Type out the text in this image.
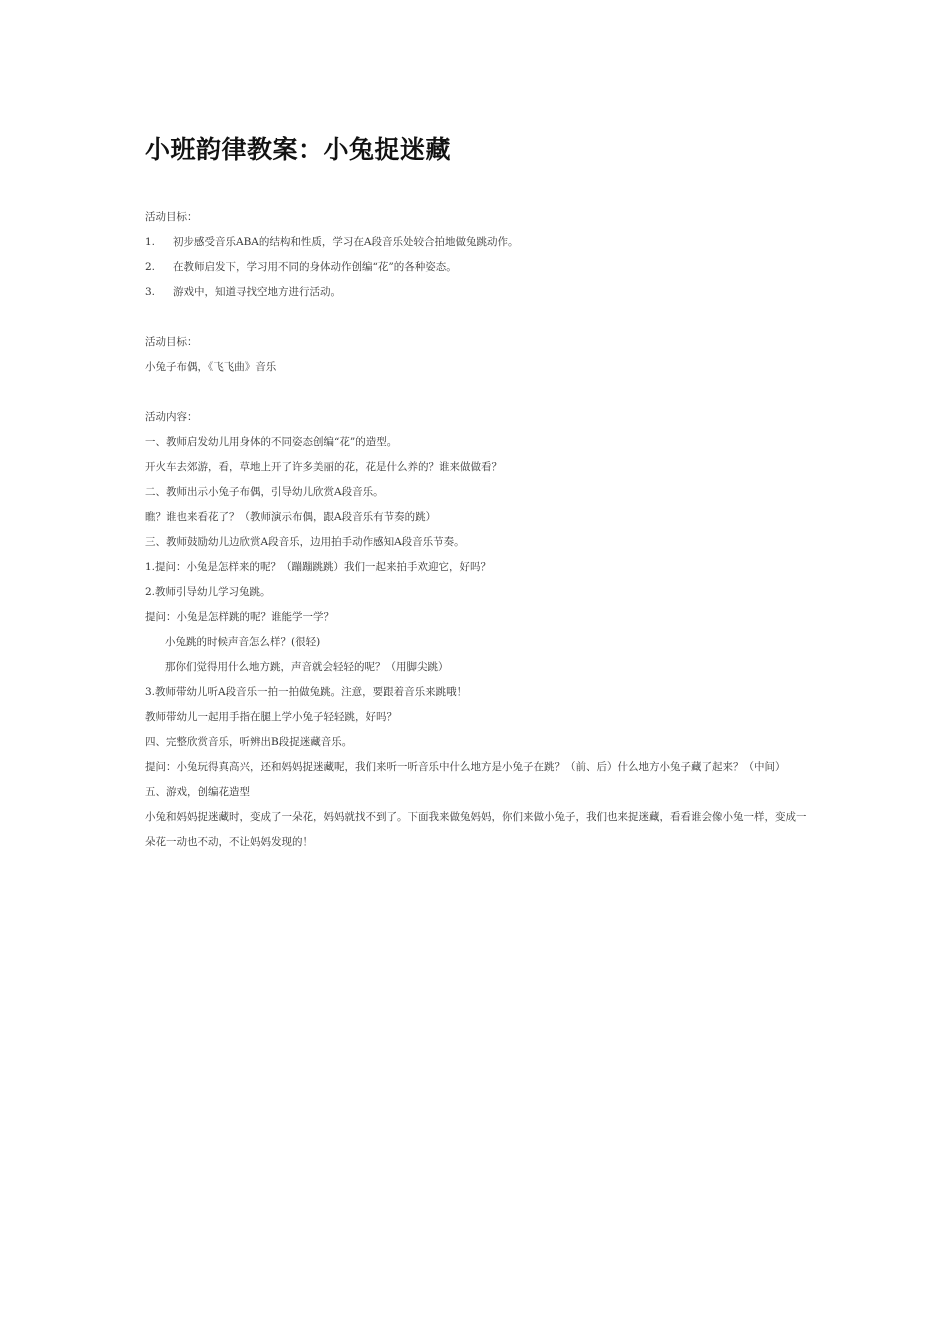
小班韵律教案：小兔捉迷藏

活动目标：

1.	初步感受音乐ABA的结构和性质，学习在A段音乐处较合拍地做兔跳动作。
2.	在教师启发下，学习用不同的身体动作创编“花”的各种姿态。
3.	游戏中，知道寻找空地方进行活动。

活动目标：

小兔子布偶，《飞飞曲》音乐

活动内容：

一、教师启发幼儿用身体的不同姿态创编“花”的造型。

开火车去郊游，看，草地上开了许多美丽的花，花是什么养的？谁来做做看？

二、教师出示小兔子布偶，引导幼儿欣赏A段音乐。

瞧？谁也来看花了？（教师演示布偶，跟A段音乐有节奏的跳）

三、教师鼓励幼儿边欣赏A段音乐，边用拍手动作感知A段音乐节奏。

1.提问：小兔是怎样来的呢？（蹦蹦跳跳）我们一起来拍手欢迎它，好吗？

2.教师引导幼儿学习兔跳。

提问：小兔是怎样跳的呢？谁能学一学？

小兔跳的时候声音怎么样？(很轻)

那你们觉得用什么地方跳，声音就会轻轻的呢？（用脚尖跳）

3.教师带幼儿听A段音乐一拍一拍做兔跳。注意，要跟着音乐来跳哦！

教师带幼儿一起用手指在腿上学小兔子轻轻跳，好吗？

四、完整欣赏音乐，听辨出B段捉迷藏音乐。

提问：小兔玩得真高兴，还和妈妈捉迷藏呢，我们来听一听音乐中什么地方是小兔子在跳？（前、后）什么地方小兔子藏了起来？（中间）

五、游戏，创编花造型

小兔和妈妈捉迷藏时，变成了一朵花，妈妈就找不到了。下面我来做兔妈妈，你们来做小兔子，我们也来捉迷藏，看看谁会像小兔一样，变成一朵花一动也不动，不让妈妈发现的！
